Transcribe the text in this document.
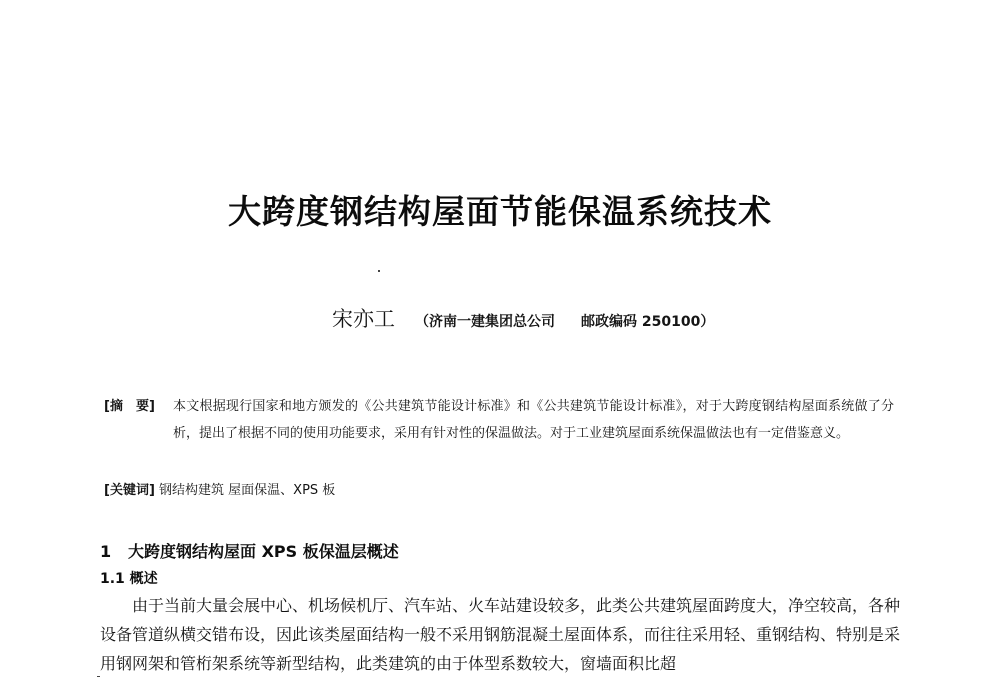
大跨度钢结构屋面节能保温系统技术
宋亦工 （济南一建集团总公司 邮政编码 250100）
[摘　要] 本文根据现行国家和地方颁发的《公共建筑节能设计标准》和《公共建筑节能设计标准》，对于大跨度钢结构屋面系统做了分析，提出了根据不同的使用功能要求，采用有针对性的保温做法。对于工业建筑屋面系统保温做法也有一定借鉴意义。
[关键词] 钢结构建筑 屋面保温、XPS 板
1 大跨度钢结构屋面 XPS 板保温层概述
1.1 概述

由于当前大量会展中心、机场候机厅、汽车站、火车站建设较多，此类公共建筑屋面跨度大，净空较高，各种设备管道纵横交错布设，因此该类屋面结构一般不采用钢筋混凝土屋面体系，而往往采用轻、重钢结构、特别是采用钢网架和管桁架系统等新型结构，此类建筑的由于体型系数较大，窗墙面积比超
